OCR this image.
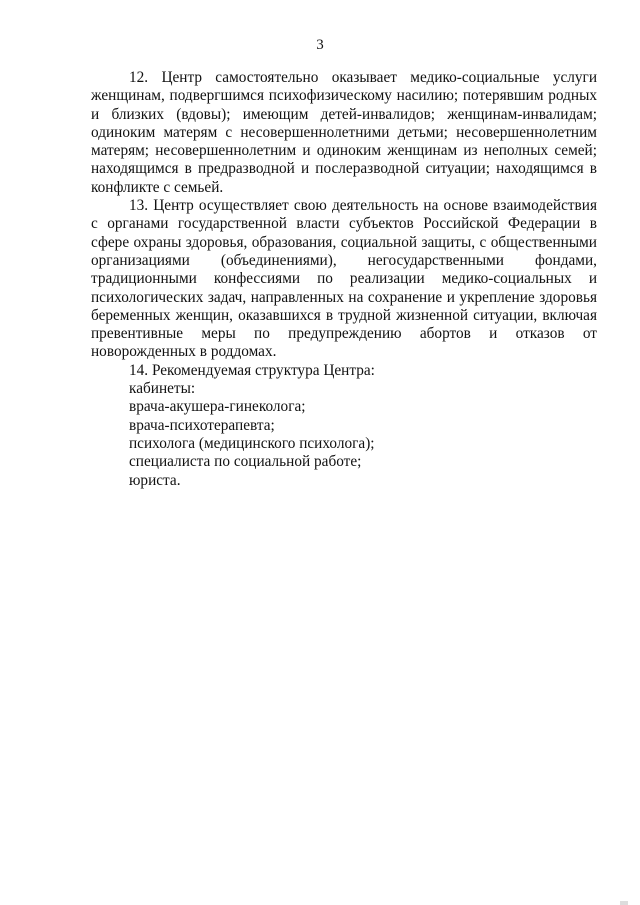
3

12. Центр самостоятельно оказывает медико-социальные услуги женщинам, подвергшимся психофизическому насилию; потерявшим родных и близких (вдовы); имеющим детей-инвалидов; женщинам-инвалидам; одиноким матерям с несовершеннолетними детьми; несовершеннолетним матерям; несовершеннолетним и одиноким женщинам из неполных семей; находящимся в предразводной и послеразводной ситуации; находящимся в конфликте с семьей.

13. Центр осуществляет свою деятельность на основе взаимодействия с органами государственной власти субъектов Российской Федерации в сфере охраны здоровья, образования, социальной защиты, с общественными организациями (объединениями), негосударственными фондами, традиционными конфессиями по реализации медико-социальных и психологических задач, направленных на сохранение и укрепление здоровья беременных женщин, оказавшихся в трудной жизненной ситуации, включая превентивные меры по предупреждению абортов и отказов от новорожденных в роддомах.

14. Рекомендуемая структура Центра:

кабинеты:
врача-акушера-гинеколога;
врача-психотерапевта;
психолога (медицинского психолога);
специалиста по социальной работе;
юриста.
